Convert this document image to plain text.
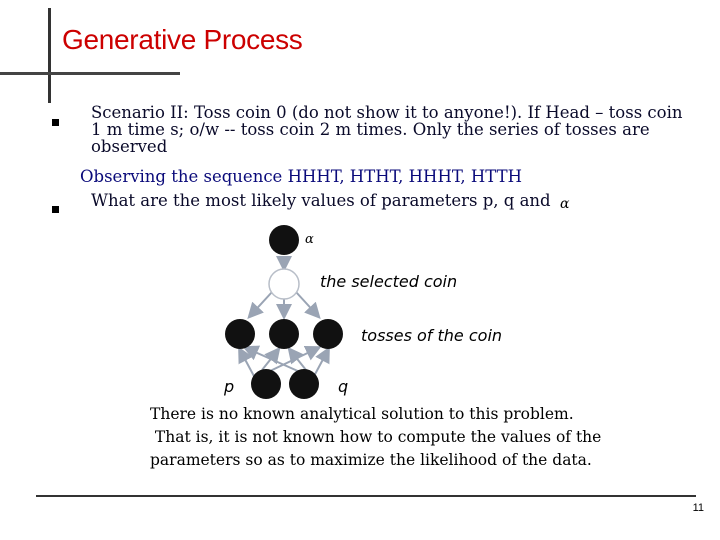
Generative Process
Scenario II: Toss coin 0 (do not show it to anyone!). If Head – toss coin
1 m time s; o/w -- toss coin 2 m times. Only the series of tosses are
observed
Observing the sequence HHHT, HTHT, HHHT, HTTH
What are the most likely values of parameters p, q and α
α
the selected coin
tosses of the coin
p	q
There is no known analytical solution to this problem.
That is, it is not known how to compute the values of the
parameters so as to maximize the likelihood of the data.
11
